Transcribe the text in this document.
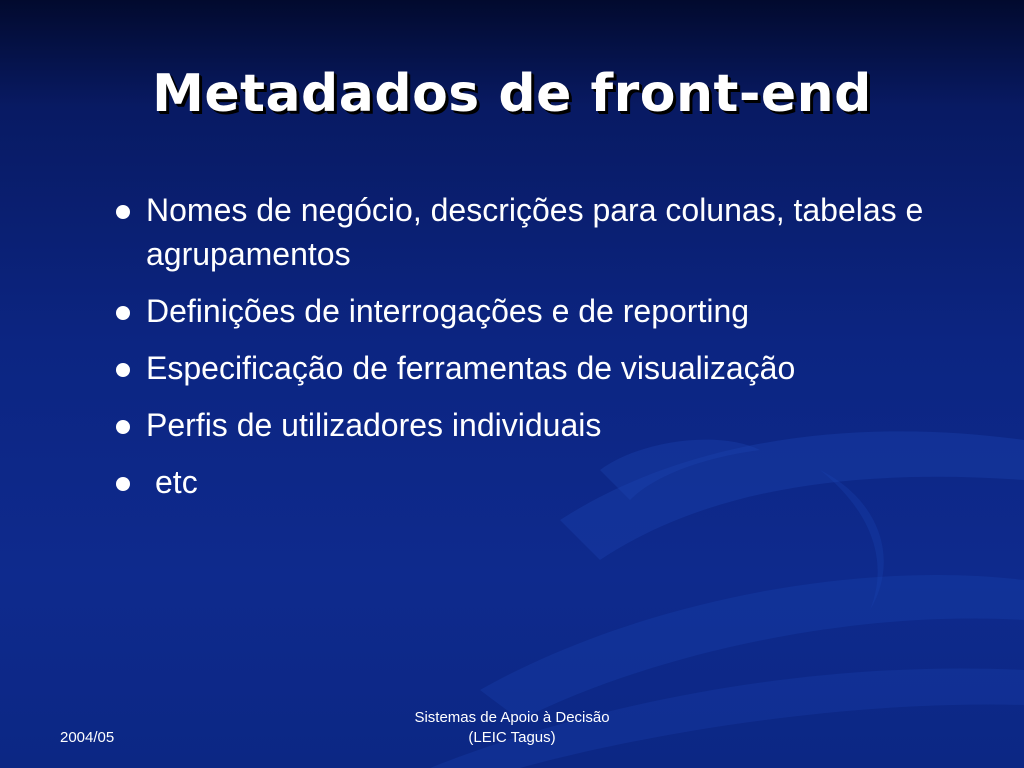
Metadados de front-end
Nomes de negócio, descrições para colunas, tabelas e agrupamentos
Definições de interrogações e de reporting
Especificação de ferramentas de visualização
Perfis de utilizadores individuais
etc
2004/05
Sistemas de Apoio à Decisão
(LEIC Tagus)
